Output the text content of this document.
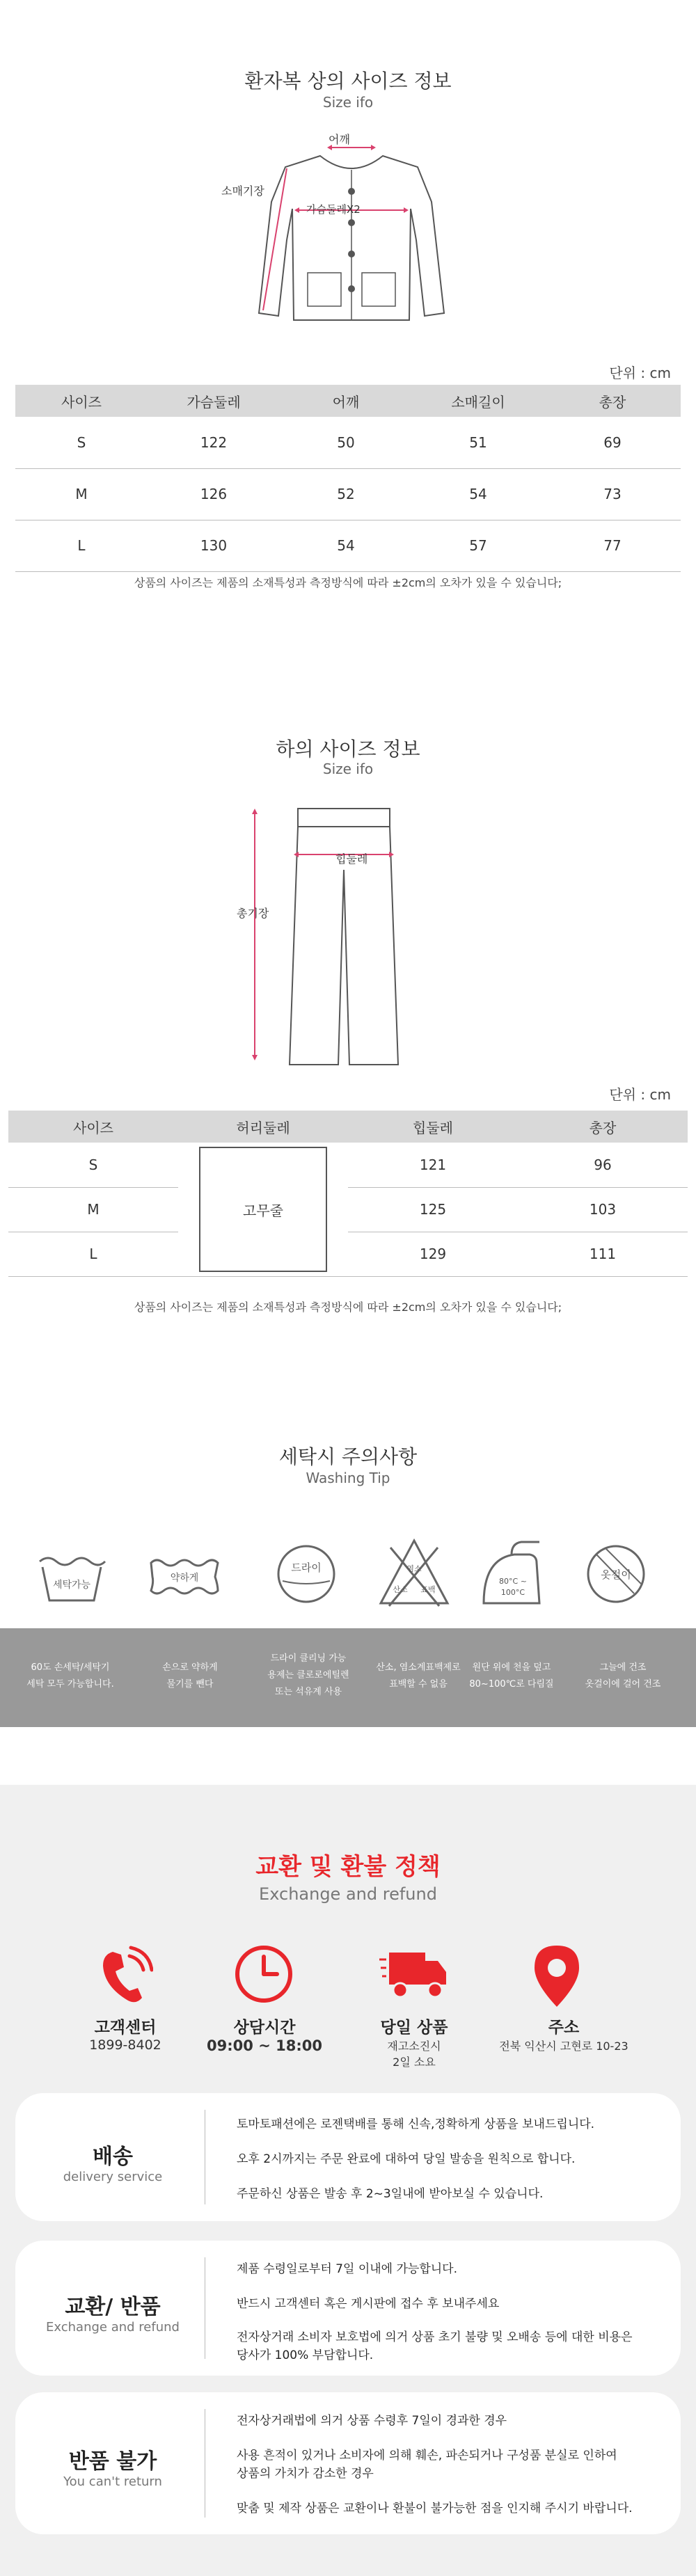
환자복 상의 사이즈 정보
Size ifo
어깨
소매기장
가슴둘레X2
단위 : cm
사이즈	가슴둘레	어깨	소매길이	총장
S	122	50	51	69
M	126	52	54	73
L	130	54	57	77
상품의 사이즈는 제품의 소재특성과 측정방식에 따라 ±2cm의 오차가 있을 수 있습니다;
하의 사이즈 정보
Size ifo
힙둘레
총기장
단위 : cm
사이즈	허리둘레	힙둘레	총장
S	고무줄	121	96
M		125	103
L		129	111
상품의 사이즈는 제품의 소재특성과 측정방식에 따라 ±2cm의 오차가 있을 수 있습니다;
세탁시 주의사항
Washing Tip
세탁가능
약하게
드라이	염소
산소 표백
80°C ~
100°C
옷걸이
60도 손세탁/세탁기
세탁 모두 가능합니다.
손으로 약하게
물기를 뺀다
드라이 클리닝 가능
용제는 클로로에틸렌
또는 석유계 사용
산소, 염소계표백제로
표백할 수 없음
원단 위에 천을 덮고
80~100℃로 다림질
그늘에 건조
옷걸이에 걸어 건조
교환 및 환불 정책
Exchange and refund
고객센터
1899-8402
상담시간
09:00 ~ 18:00
당일 상품
재고소진시
2일 소요
주소
전북 익산시 고현로 10-23
배송
delivery service
토마토패션에은 로젠택배를 통해 신속,정확하게 상품을 보내드립니다.
오후 2시까지는 주문 완료에 대하여 당일 발송을 원칙으로 합니다.
주문하신 상품은 발송 후 2~3일내에 받아보실 수 있습니다.
교환/ 반품
Exchange and refund
제품 수령일로부터 7일 이내에 가능합니다.
반드시 고객센터 혹은 게시판에 접수 후 보내주세요
전자상거래 소비자 보호법에 의거 상품 초기 불량 및 오배송 등에 대한 비용은
당사가 100% 부담합니다.
반품 불가
You can't return
전자상거래법에 의거 상품 수령후 7일이 경과한 경우
사용 흔적이 있거나 소비자에 의해 훼손, 파손되거나 구성품 분실로 인하여
상품의 가치가 감소한 경우
맞춤 및 제작 상품은 교환이나 환불이 불가능한 점을 인지해 주시기 바랍니다.
